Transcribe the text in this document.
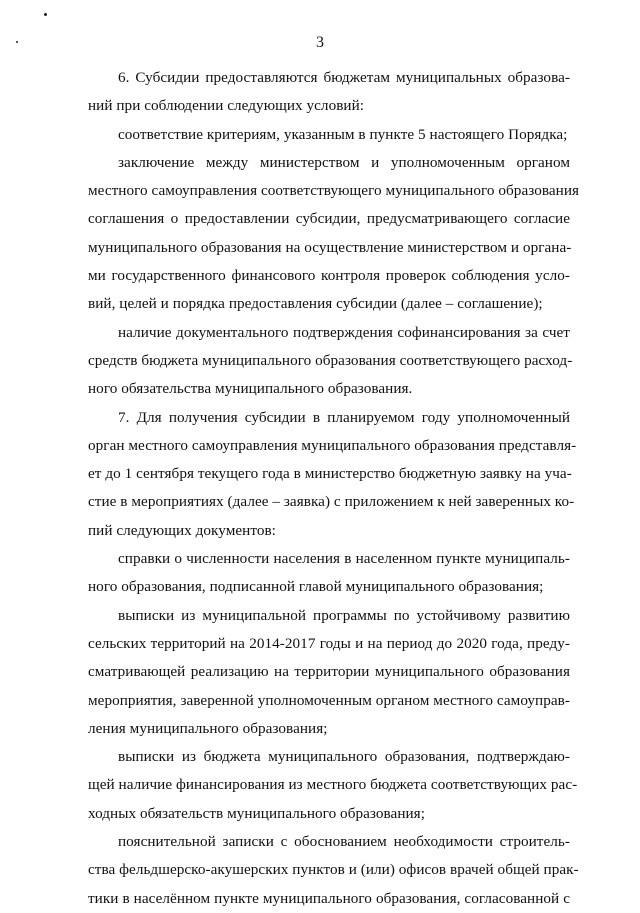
3
6. Субсидии предоставляются бюджетам муниципальных образова-
ний при соблюдении следующих условий:
соответствие критериям, указанным в пункте 5 настоящего Порядка;
заключение между министерством и уполномоченным органом
местного самоуправления соответствующего муниципального образования
соглашения о предоставлении субсидии, предусматривающего согласие
муниципального образования на осуществление министерством и органа-
ми государственного финансового контроля проверок соблюдения усло-
вий, целей и порядка предоставления субсидии (далее – соглашение);
наличие документального подтверждения софинансирования за счет
средств бюджета муниципального образования соответствующего расход-
ного обязательства муниципального образования.
7. Для получения субсидии в планируемом году уполномоченный
орган местного самоуправления муниципального образования представля-
ет до 1 сентября текущего года в министерство бюджетную заявку на уча-
стие в мероприятиях (далее – заявка) с приложением к ней заверенных ко-
пий следующих документов:
справки о численности населения в населенном пункте муниципаль-
ного образования, подписанной главой муниципального образования;
выписки из муниципальной программы по устойчивому развитию
сельских территорий на 2014-2017 годы и на период до 2020 года, преду-
сматривающей реализацию на территории муниципального образования
мероприятия, заверенной уполномоченным органом местного самоуправ-
ления муниципального образования;
выписки из бюджета муниципального образования, подтверждаю-
щей наличие финансирования из местного бюджета соответствующих рас-
ходных обязательств муниципального образования;
пояснительной записки с обоснованием необходимости строитель-
ства фельдшерско-акушерских пунктов и (или) офисов врачей общей прак-
тики в населённом пункте муниципального образования, согласованной с
